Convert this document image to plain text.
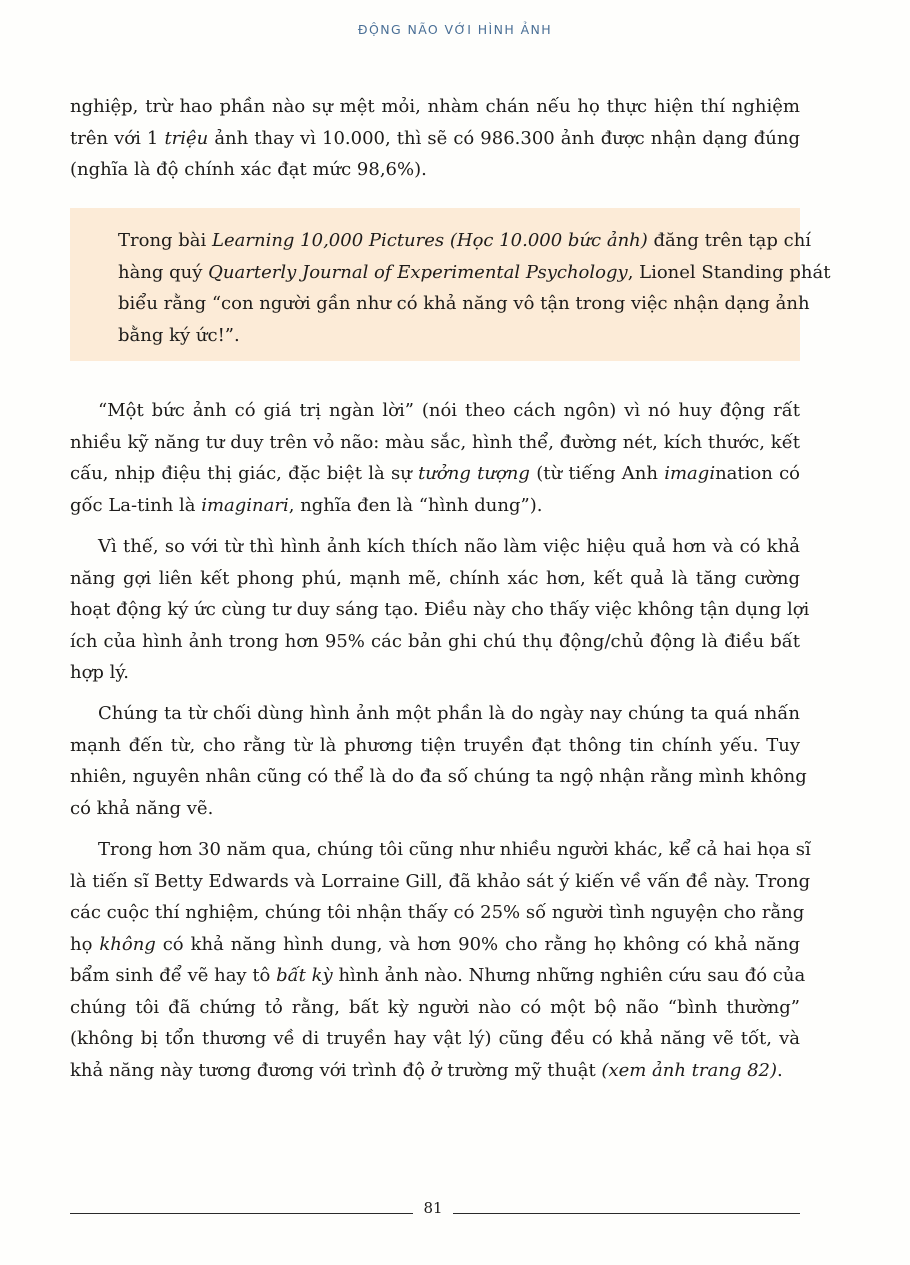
ĐỘNG NÃO VỚI HÌNH ẢNH
nghiệp, trừ hao phần nào sự mệt mỏi, nhàm chán nếu họ thực hiện thí nghiệm
trên với 1 triệu ảnh thay vì 10.000, thì sẽ có 986.300 ảnh được nhận dạng đúng
(nghĩa là độ chính xác đạt mức 98,6%).
Trong bài Learning 10,000 Pictures (Học 10.000 bức ảnh) đăng trên tạp chí
hàng quý Quarterly Journal of Experimental Psychology, Lionel Standing phát
biểu rằng “con người gần như có khả năng vô tận trong việc nhận dạng ảnh
bằng ký ức!”.
“Một bức ảnh có giá trị ngàn lời” (nói theo cách ngôn) vì nó huy động rất
nhiều kỹ năng tư duy trên vỏ não: màu sắc, hình thể, đường nét, kích thước, kết
cấu, nhịp điệu thị giác, đặc biệt là sự tưởng tượng (từ tiếng Anh imagination có
gốc La-tinh là imaginari, nghĩa đen là “hình dung”).
Vì thế, so với từ thì hình ảnh kích thích não làm việc hiệu quả hơn và có khả
năng gợi liên kết phong phú, mạnh mẽ, chính xác hơn, kết quả là tăng cường
hoạt động ký ức cùng tư duy sáng tạo. Điều này cho thấy việc không tận dụng lợi
ích của hình ảnh trong hơn 95% các bản ghi chú thụ động/chủ động là điều bất
hợp lý.
Chúng ta từ chối dùng hình ảnh một phần là do ngày nay chúng ta quá nhấn
mạnh đến từ, cho rằng từ là phương tiện truyền đạt thông tin chính yếu. Tuy
nhiên, nguyên nhân cũng có thể là do đa số chúng ta ngộ nhận rằng mình không
có khả năng vẽ.
Trong hơn 30 năm qua, chúng tôi cũng như nhiều người khác, kể cả hai họa sĩ
là tiến sĩ Betty Edwards và Lorraine Gill, đã khảo sát ý kiến về vấn đề này. Trong
các cuộc thí nghiệm, chúng tôi nhận thấy có 25% số người tình nguyện cho rằng
họ không có khả năng hình dung, và hơn 90% cho rằng họ không có khả năng
bẩm sinh để vẽ hay tô bất kỳ hình ảnh nào. Nhưng những nghiên cứu sau đó của
chúng tôi đã chứng tỏ rằng, bất kỳ người nào có một bộ não “bình thường”
(không bị tổn thương về di truyền hay vật lý) cũng đều có khả năng vẽ tốt, và
khả năng này tương đương với trình độ ở trường mỹ thuật (xem ảnh trang 82).
81
